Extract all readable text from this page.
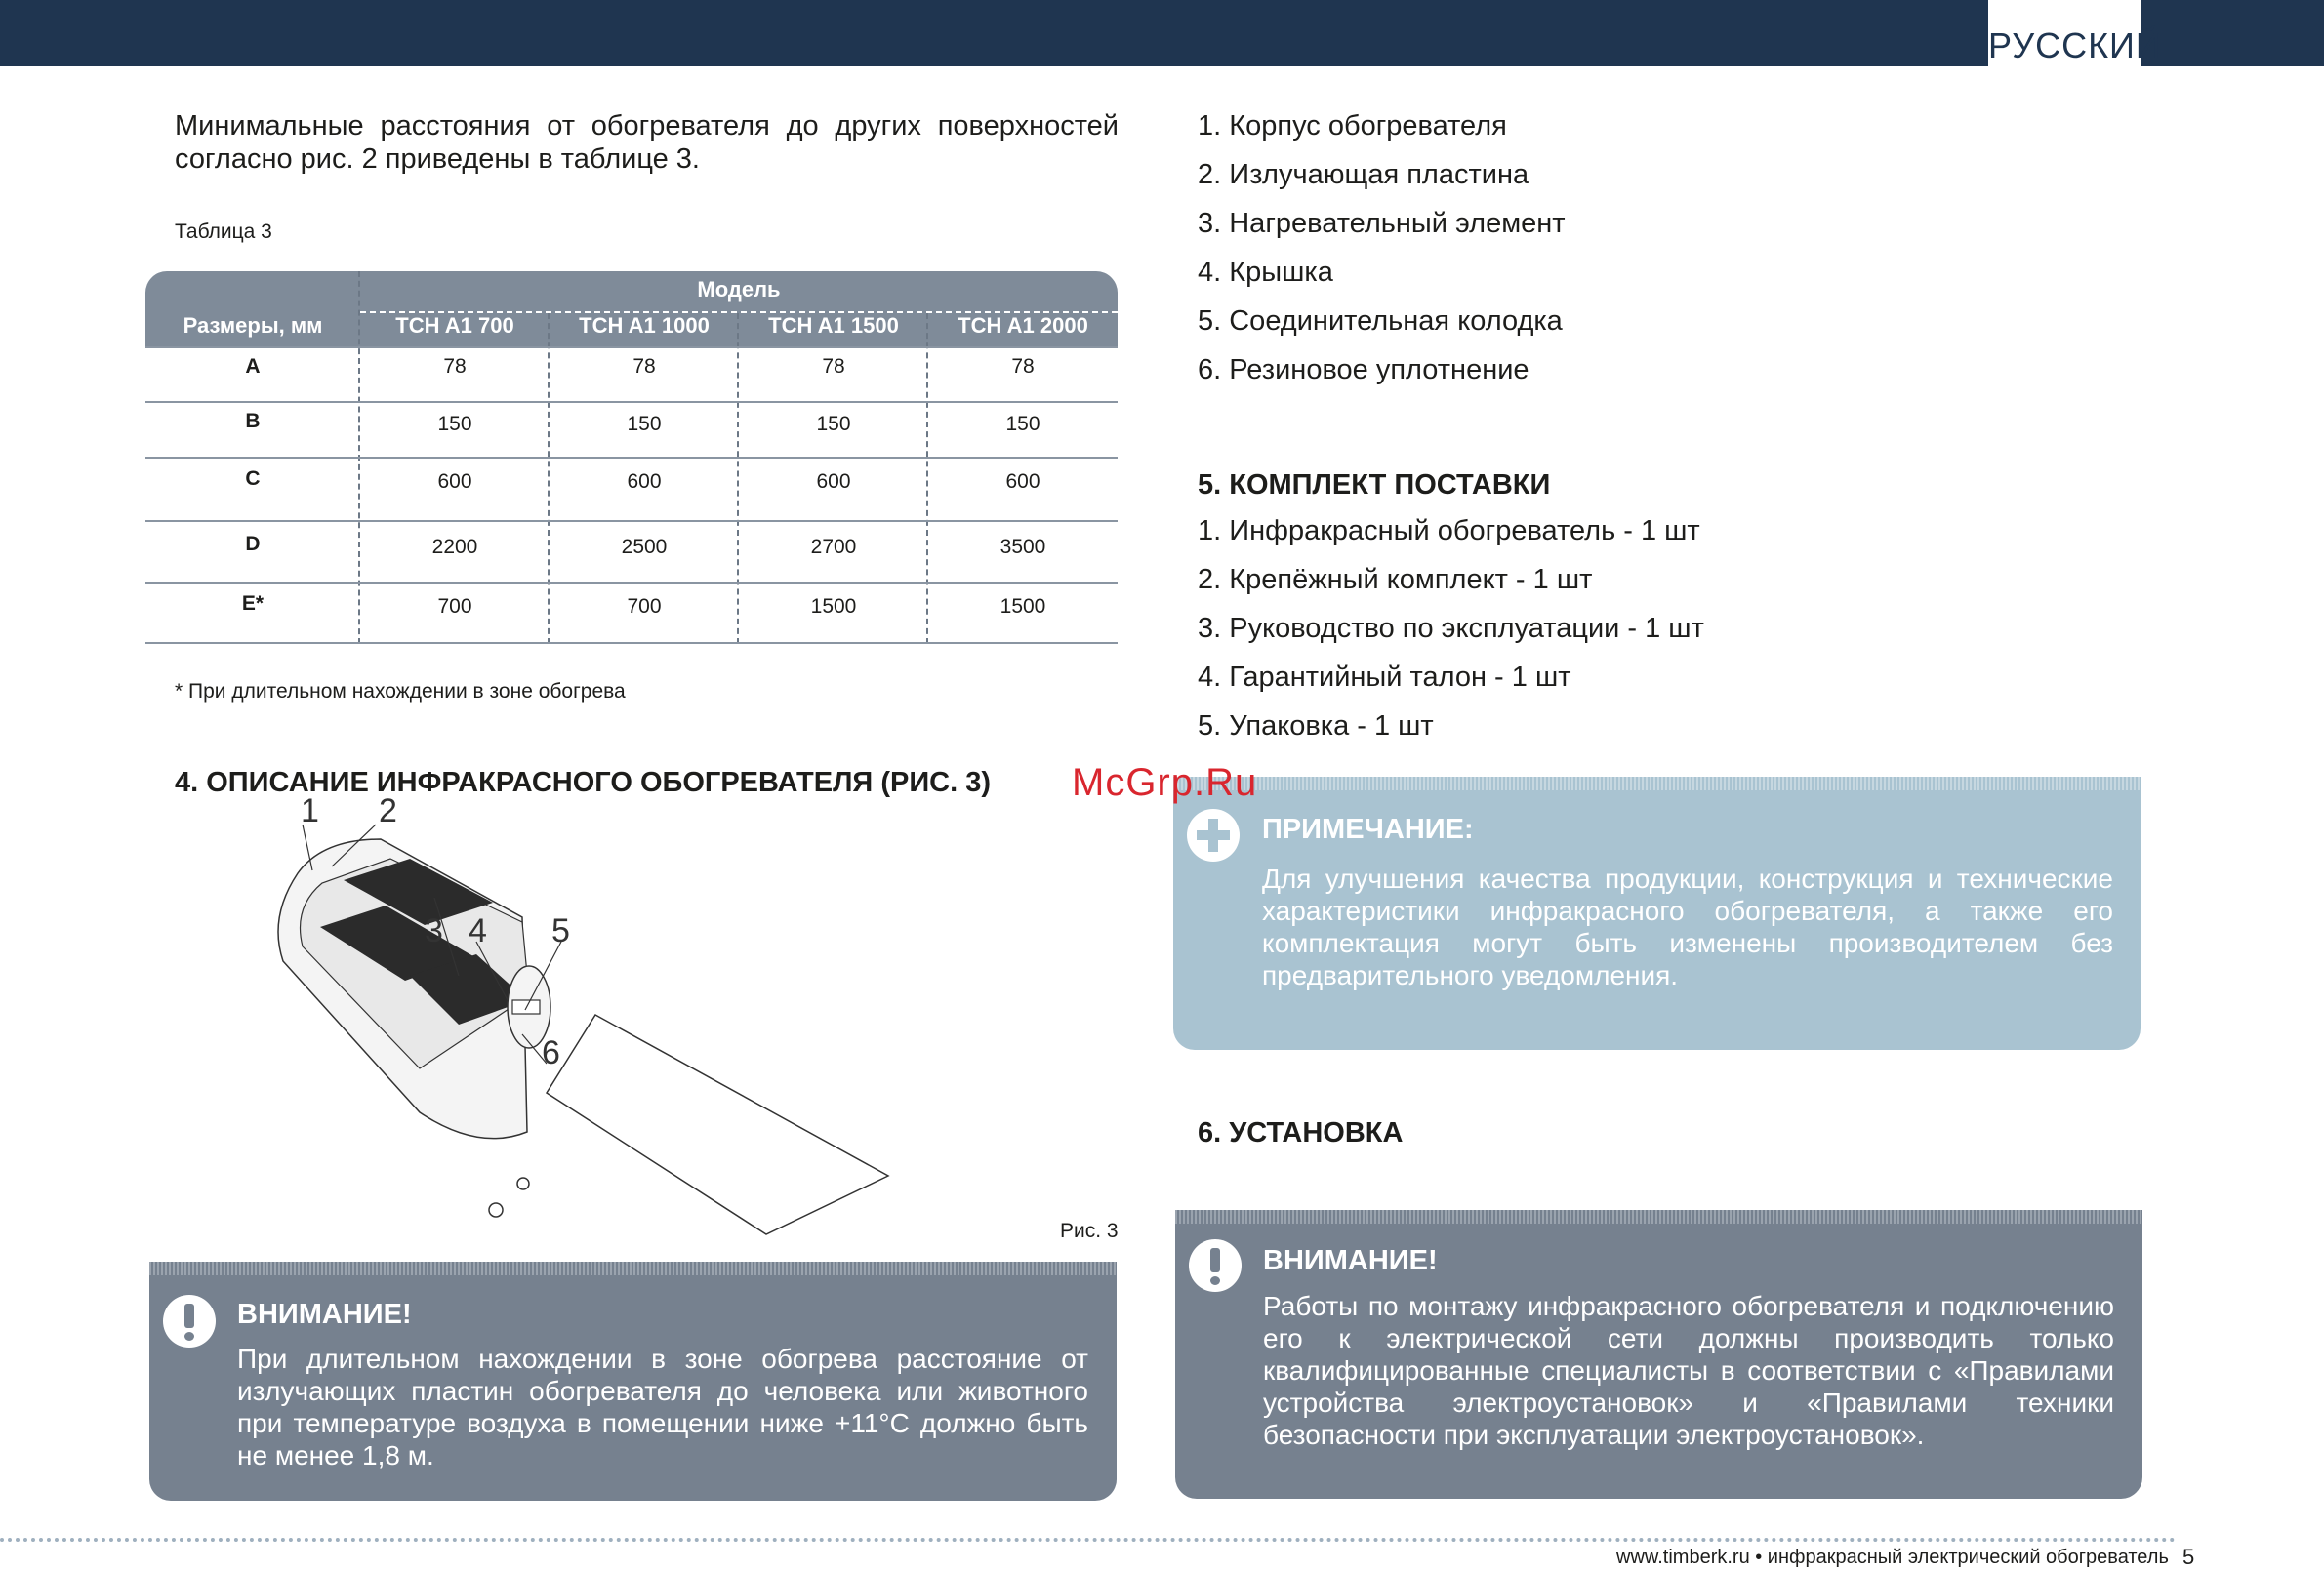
РУССКИЙ
Минимальные расстояния от обогревателя до других поверхностей согласно рис. 2 приведены в таблице 3.
Таблица 3
Модель
Размеры, мм	TCH A1 700	TCH A1 1000	TCH A1 1500	TCH A1 2000
A	78	78	78	78
B	150	150	150	150
C	600	600	600	600
D	2200	2500	2700	3500
E*	700	700	1500	1500
* При длительном нахождении в зоне обогрева
4. ОПИСАНИЕ ИНФРАКРАСНОГО ОБОГРЕВАТЕЛЯ (РИС. 3)
1 2
3 4 5
6
Рис. 3
ВНИМАНИЕ!
При длительном нахождении в зоне обогрева расстояние от излучающих пластин обогревателя до человека или животного при температуре воздуха в помещении ниже +11°С должно быть не менее 1,8 м.
1. Корпус обогревателя
2. Излучающая пластина
3. Нагревательный элемент
4. Крышка
5. Соединительная колодка
6. Резиновое уплотнение
5. КОМПЛЕКТ ПОСТАВКИ
1. Инфракрасный обогреватель - 1 шт
2. Крепёжный комплект - 1 шт
3. Руководство по эксплуатации - 1 шт
4. Гарантийный талон - 1 шт
5. Упаковка - 1 шт
ПРИМЕЧАНИЕ:
Для улучшения качества продукции, конструкция и технические характеристики инфракрасного обогревателя, а также его комплектация могут быть изменены производителем без предварительного уведомления.
McGrp.Ru
6. УСТАНОВКА
ВНИМАНИЕ!
Работы по монтажу инфракрасного обогревателя и подключению его к электрической сети должны производить только квалифицированные специалисты в соответствии с «Правилами устройства электроустановок» и «Правилами техники безопасности при эксплуатации электроустановок».
www.timberk.ru • инфракрасный электрический обогреватель 5
